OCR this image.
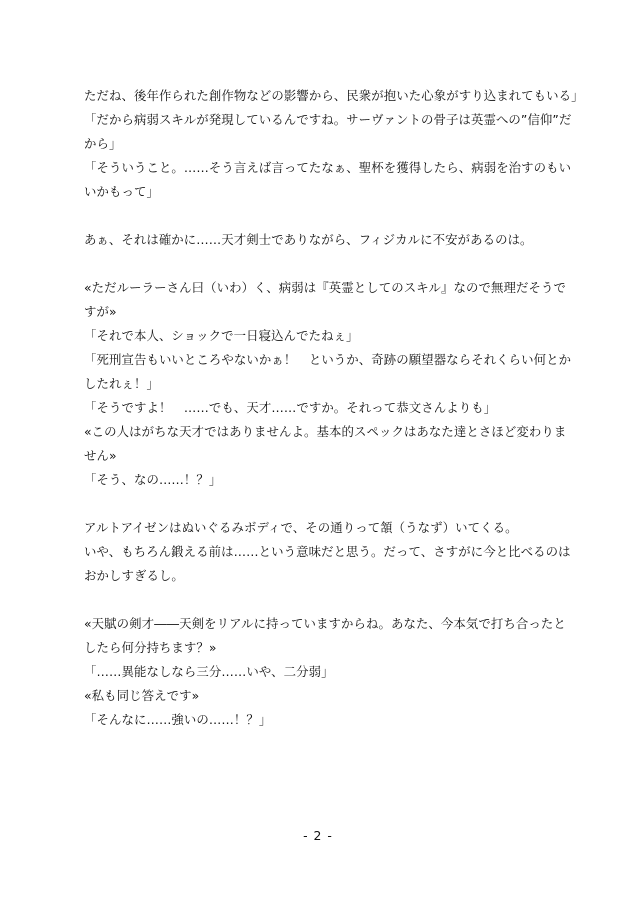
ただね、後年作られた創作物などの影響から、民衆が抱いた心象がすり込まれてもいる」
「だから病弱スキルが発現しているんですね。サーヴァントの骨子は英霊への”信仰”だ
から」
「そういうこと。……そう言えば言ってたなぁ、聖杯を獲得したら、病弱を治すのもい
いかもって」
あぁ、それは確かに……天才剣士でありながら、フィジカルに不安があるのは。
«ただルーラーさん曰（いわ）く、病弱は『英霊としてのスキル』なので無理だそうで
すが»
「それで本人、ショックで一日寝込んでたねぇ」
「死刑宣告もいいところやないかぁ！　というか、奇跡の願望器ならそれくらい何とか
したれぇ！」
「そうですよ！　……でも、天才……ですか。それって恭文さんよりも」
«この人はがちな天才ではありませんよ。基本的スペックはあなた達とさほど変わりま
せん»
「そう、なの……！？」
アルトアイゼンはぬいぐるみボディで、その通りって頷（うなず）いてくる。
いや、もちろん鍛える前は……という意味だと思う。だって、さすがに今と比べるのは
おかしすぎるし。
«天賦の剣才――天剣をリアルに持っていますからね。あなた、今本気で打ち合ったと
したら何分持ちます？»
「……異能なしなら三分……いや、二分弱」
«私も同じ答えです»
「そんなに……強いの……！？」
- 2 -
